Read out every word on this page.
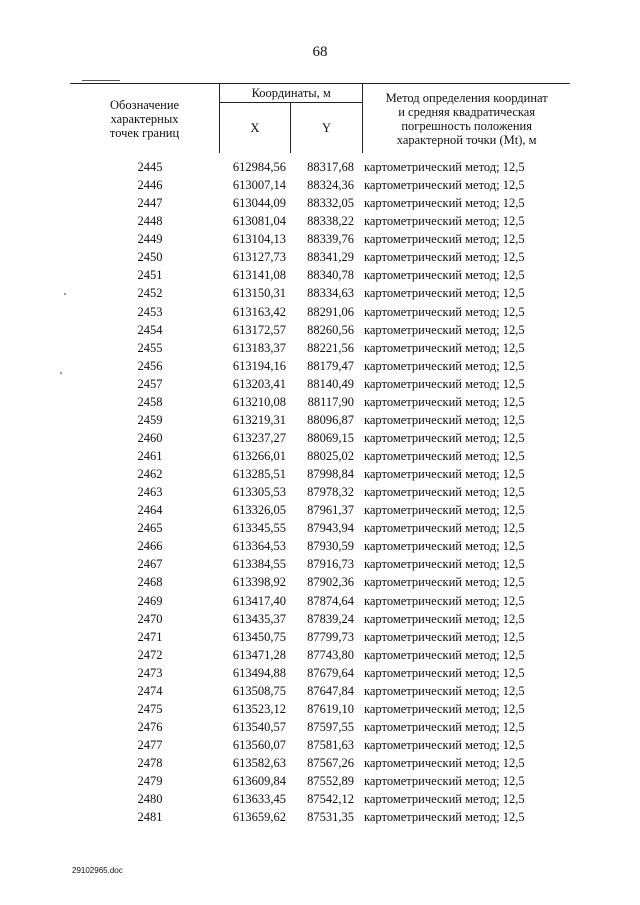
68
Обозначение
характерных
точек границ	Координаты, м		Метод определения координат
и средняя квадратическая
погрешность положения
характерной точки (Mt), м

	X	Y	
2445	612984,56	88317,68 картометрический метод; 12,5
2446	613007,14	88324,36 картометрический метод; 12,5
2447	613044,09	88332,05 картометрический метод; 12,5
2448	613081,04	88338,22 картометрический метод; 12,5
2449	613104,13	88339,76 картометрический метод; 12,5
2450	613127,73	88341,29 картометрический метод; 12,5
2451	613141,08	88340,78 картометрический метод; 12,5
2452	613150,31	88334,63 картометрический метод; 12,5
2453	613163,42	88291,06 картометрический метод; 12,5
2454	613172,57	88260,56 картометрический метод; 12,5
2455	613183,37	88221,56 картометрический метод; 12,5
2456	613194,16	88179,47 картометрический метод; 12,5
2457	613203,41	88140,49 картометрический метод; 12,5
2458	613210,08	88117,90 картометрический метод; 12,5
2459	613219,31	88096,87 картометрический метод; 12,5
2460	613237,27	88069,15 картометрический метод; 12,5
2461	613266,01	88025,02 картометрический метод; 12,5
2462	613285,51	87998,84 картометрический метод; 12,5
2463	613305,53	87978,32 картометрический метод; 12,5
2464	613326,05	87961,37 картометрический метод; 12,5
2465	613345,55	87943,94 картометрический метод; 12,5
2466	613364,53	87930,59 картометрический метод; 12,5
2467	613384,55	87916,73 картометрический метод; 12,5
2468	613398,92	87902,36 картометрический метод; 12,5
2469	613417,40	87874,64 картометрический метод; 12,5
2470	613435,37	87839,24 картометрический метод; 12,5
2471	613450,75	87799,73 картометрический метод; 12,5
2472	613471,28	87743,80 картометрический метод; 12,5
2473	613494,88	87679,64 картометрический метод; 12,5
2474	613508,75	87647,84 картометрический метод; 12,5
2475	613523,12	87619,10 картометрический метод; 12,5
2476	613540,57	87597,55 картометрический метод; 12,5
2477	613560,07	87581,63 картометрический метод; 12,5
2478	613582,63	87567,26 картометрический метод; 12,5
2479	613609,84	87552,89 картометрический метод; 12,5
2480	613633,45	87542,12 картометрический метод; 12,5
2481	613659,62	87531,35 картометрический метод; 12,5
29102965.doc
